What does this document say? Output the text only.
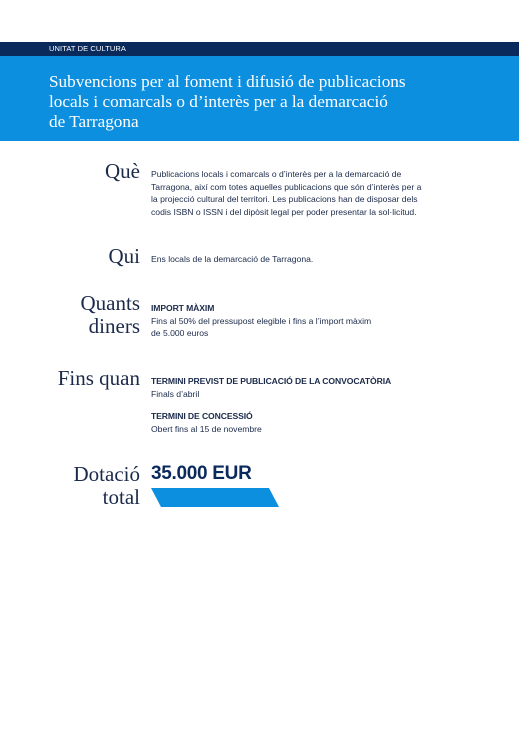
UNITAT DE CULTURA
Subvencions per al foment i difusió de publicacions
locals i comarcals o d’interès per a la demarcació
de Tarragona
Què Publicacions locals i comarcals o d’interès per a la demarcació de
Tarragona, així com totes aquelles publicacions que són d’interès per a
la projecció cultural del territori. Les publicacions han de disposar dels
codis ISBN o ISSN i del dipòsit legal per poder presentar la sol·licitud.
Qui Ens locals de la demarcació de Tarragona.
Quants
diners
IMPORT MÀXIM
Fins al 50% del pressupost elegible i fins a l’import màxim
de 5.000 euros
Fins quan TERMINI PREVIST DE PUBLICACIÓ DE LA CONVOCATÒRIA
Finals d’abril
TERMINI DE CONCESSIÓ
Obert fins al 15 de novembre
Dotació
total
35.000 EUR
